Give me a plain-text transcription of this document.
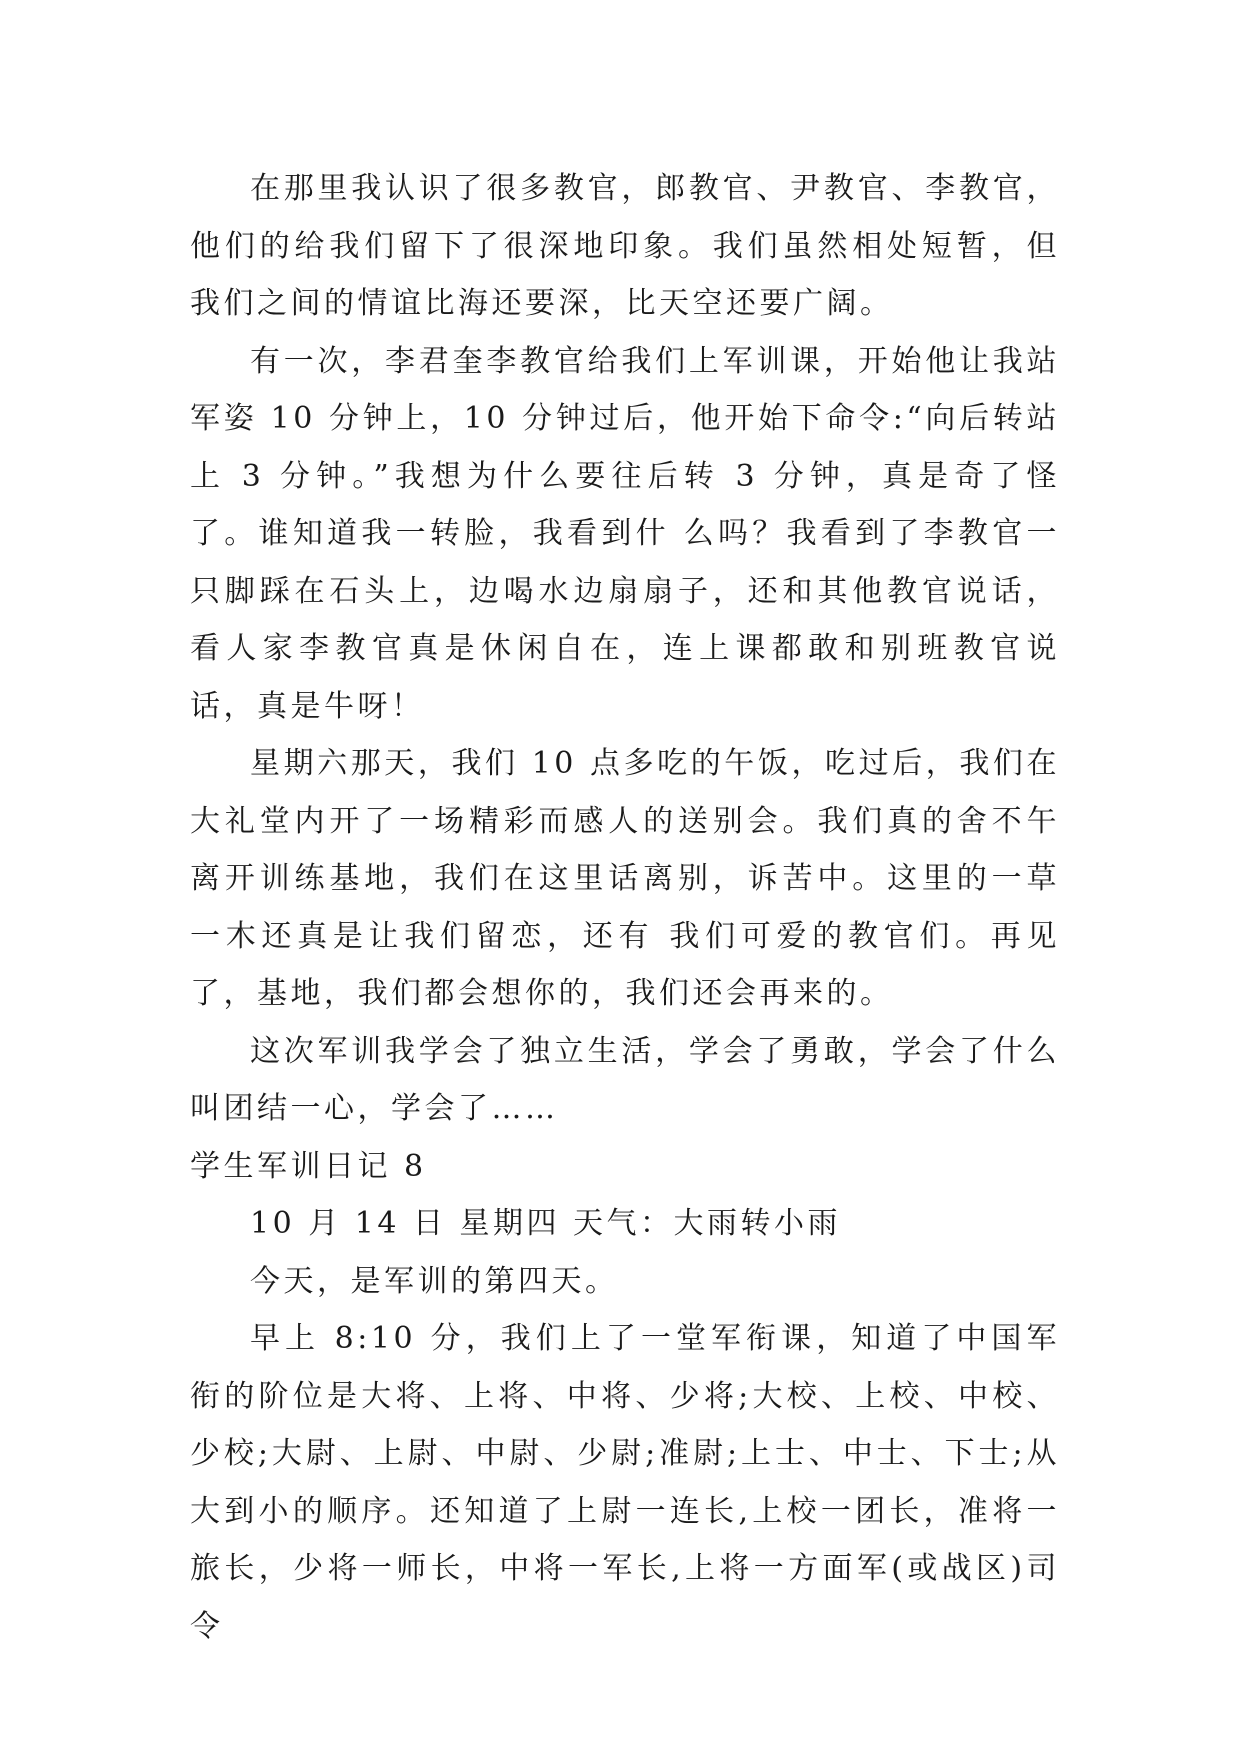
在那里我认识了很多教官，郎教官、尹教官、李教官，他们的给我们留下了很深地印象。我们虽然相处短暂，但我们之间的情谊比海还要深，比天空还要广阔。

有一次，李君奎李教官给我们上军训课，开始他让我站军姿 10 分钟上，10 分钟过后，他开始下命令:“向后转站上 3 分钟。”我想为什么要往后转 3 分钟，真是奇了怪了。谁知道我一转脸，我看到什 么吗？我看到了李教官一只脚踩在石头上，边喝水边扇扇子，还和其他教官说话，看人家李教官真是休闲自在，连上课都敢和别班教官说话，真是牛呀！

星期六那天，我们 10 点多吃的午饭，吃过后，我们在大礼堂内开了一场精彩而感人的送别会。我们真的舍不午离开训练基地，我们在这里话离别，诉苦中。这里的一草一木还真是让我们留恋，还有 我们可爱的教官们。再见了，基地，我们都会想你的，我们还会再来的。

这次军训我学会了独立生活，学会了勇敢，学会了什么叫团结一心，学会了……

学生军训日记 8

10 月 14 日 星期四 天气：大雨转小雨

今天，是军训的第四天。

早上 8:10 分，我们上了一堂军衔课，知道了中国军衔的阶位是大将、上将、中将、少将;大校、上校、中校、少校;大尉、上尉、中尉、少尉;准尉;上士、中士、下士;从大到小的顺序。还知道了上尉一连长,上校一团长，准将一旅长，少将一师长，中将一军长,上将一方面军(或战区)司令
